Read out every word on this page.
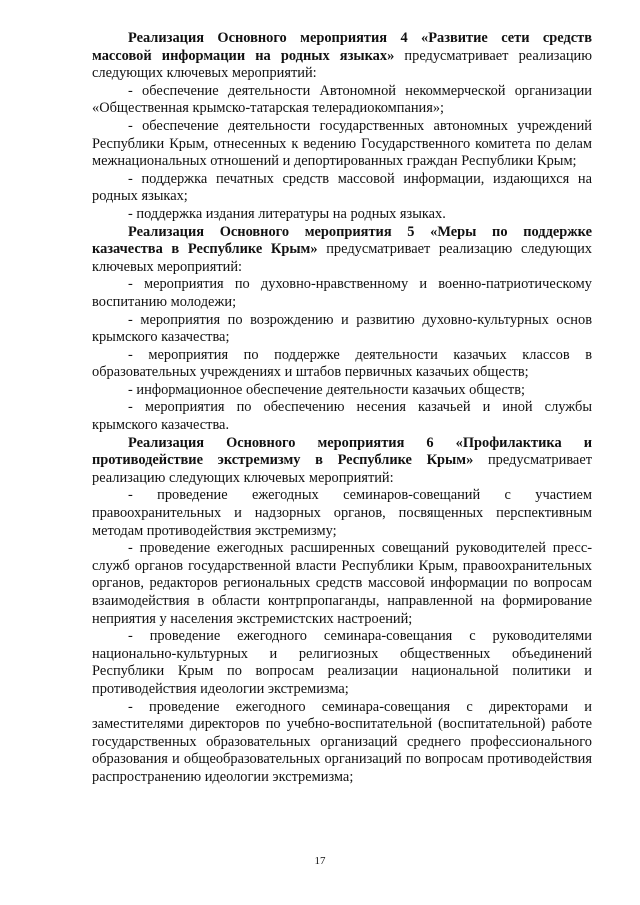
Реализация Основного мероприятия 4 «Развитие сети средств массовой информации на родных языках» предусматривает реализацию следующих ключевых мероприятий:

- обеспечение деятельности Автономной некоммерческой организации «Общественная крымско-татарская телерадиокомпания»;

- обеспечение деятельности государственных автономных учреждений Республики Крым, отнесенных к ведению Государственного комитета по делам межнациональных отношений и депортированных граждан Республики Крым;

- поддержка печатных средств массовой информации, издающихся на родных языках;

- поддержка издания литературы на родных языках.

Реализация Основного мероприятия 5 «Меры по поддержке казачества в Республике Крым» предусматривает реализацию следующих ключевых мероприятий:

- мероприятия по духовно-нравственному и военно-патриотическому воспитанию молодежи;

- мероприятия по возрождению и развитию духовно-культурных основ крымского казачества;

- мероприятия по поддержке деятельности казачьих классов в образовательных учреждениях и штабов первичных казачьих обществ;

- информационное обеспечение деятельности казачьих обществ;

- мероприятия по обеспечению несения казачьей и иной службы крымского казачества.

Реализация Основного мероприятия 6 «Профилактика и противодействие экстремизму в Республике Крым» предусматривает реализацию следующих ключевых мероприятий:

- проведение ежегодных семинаров-совещаний с участием правоохранительных и надзорных органов, посвященных перспективным методам противодействия экстремизму;

- проведение ежегодных расширенных совещаний руководителей пресс-служб органов государственной власти Республики Крым, правоохранительных органов, редакторов региональных средств массовой информации по вопросам взаимодействия в области контрпропаганды, направленной на формирование неприятия у населения экстремистских настроений;

- проведение ежегодного семинара-совещания с руководителями национально-культурных и религиозных общественных объединений Республики Крым по вопросам реализации национальной политики и противодействия идеологии экстремизма;

- проведение ежегодного семинара-совещания с директорами и заместителями директоров по учебно-воспитательной (воспитательной) работе государственных образовательных организаций среднего профессионального образования и общеобразовательных организаций по вопросам противодействия распространению идеологии экстремизма;

17
